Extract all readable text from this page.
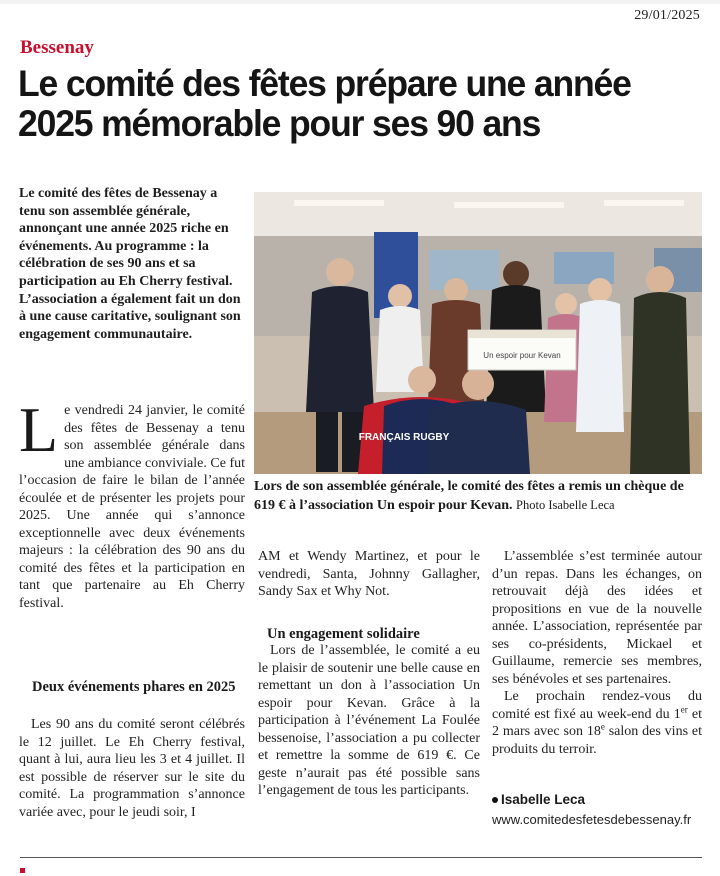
29/01/2025
Bessenay
Le comité des fêtes prépare une année 2025 mémorable pour ses 90 ans

Le comité des fêtes de Bessenay a tenu son assemblée générale, annonçant une année 2025 riche en événements. Au programme : la célébration de ses 90 ans et sa participation au Eh Cherry festival. L’association a également fait un don à une cause caritative, soulignant son engagement communautaire.

Le vendredi 24 janvier, le comité des fêtes de Bessenay a tenu son assemblée générale dans une ambiance conviviale. Ce fut l’occasion de faire le bilan de l’année écoulée et de présenter les projets pour 2025. Une année qui s’annonce exceptionnelle avec deux événements majeurs : la célébration des 90 ans du comité des fêtes et la participation en tant que partenaire au Eh Cherry festival.
Deux événements phares en 2025

Les 90 ans du comité seront célébrés le 12 juillet. Le Eh Cherry festival, quant à lui, aura lieu les 3 et 4 juillet. Il est possible de réserver sur le site du comité. La programmation s’annonce variée avec, pour le jeudi soir, I

Un espoir pour Kevan
FRANÇAIS RUGBY

Lors de son assemblée générale, le comité des fêtes a remis un chèque de 619 € à l’association Un espoir pour Kevan. Photo Isabelle Leca

AM et Wendy Martinez, et pour le vendredi, Santa, Johnny Gallagher, Sandy Sax et Why Not.

Un engagement solidaire

Lors de l’assemblée, le comité a eu le plaisir de soutenir une belle cause en remettant un don à l’association Un espoir pour Kevan. Grâce à la participation à l’événement La Foulée bessenoise, l’association a pu collecter et remettre la somme de 619 €. Ce geste n’aurait pas été possible sans l’engagement de tous les participants.

L’assemblée s’est terminée autour d’un repas. Dans les échanges, on retrouvait déjà des idées et propositions en vue de la nouvelle année. L’association, représentée par ses co-présidents, Mickael et Guillaume, remercie ses membres, ses bénévoles et ses partenaires.

Le prochain rendez-vous du comité est fixé au week-end du 1er et 2 mars avec son 18e salon des vins et produits du terroir.

Isabelle Leca
www.comitedesfetesdebessenay.fr
